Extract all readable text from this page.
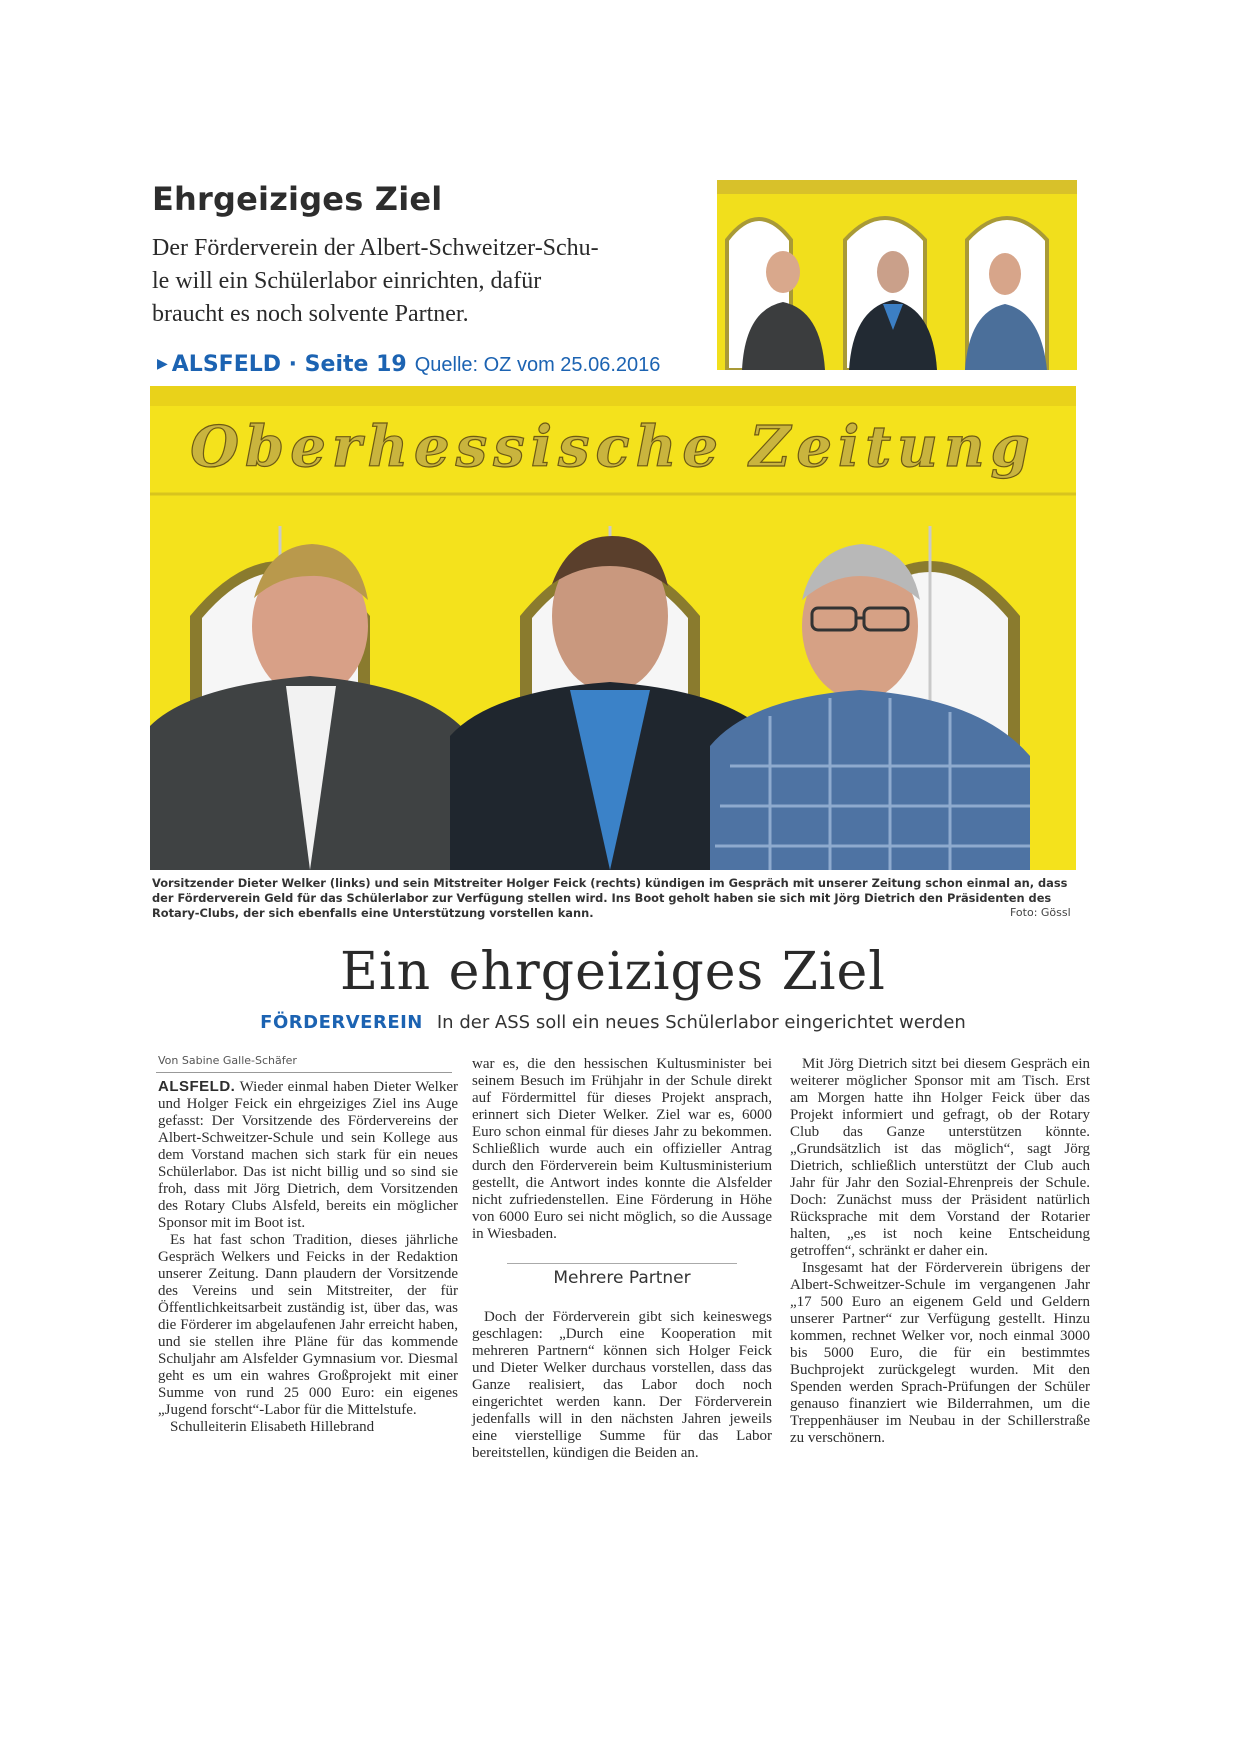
Ehrgeiziges Ziel

Der Förderverein der Albert-Schweitzer-Schu-
le will ein Schülerlabor einrichten, dafür
braucht es noch solvente Partner.

▶ ALSFELD · Seite 19 Quelle: OZ vom 25.06.2016
Oberhessische Zeitung
Vorsitzender Dieter Welker (links) und sein Mitstreiter Holger Feick (rechts) kündigen im Gespräch mit unserer Zeitung schon einmal an, dass der Förderverein Geld für das Schülerlabor zur Verfügung stellen wird. Ins Boot geholt haben sie sich mit Jörg Dietrich den Präsidenten des Rotary-Clubs, der sich ebenfalls eine Unterstützung vorstellen kann.	Foto: Gössl
Ein ehrgeiziges Ziel
FÖRDERVEREIN In der ASS soll ein neues Schülerlabor eingerichtet werden
Von Sabine Galle-Schäfer

ALSFELD. Wieder einmal haben Dieter Welker und Holger Feick ein ehrgeiziges Ziel ins Auge gefasst: Der Vorsitzende des Fördervereins der Albert-Schweitzer-Schule und sein Kollege aus dem Vorstand machen sich stark für ein neues Schülerlabor. Das ist nicht billig und so sind sie froh, dass mit Jörg Dietrich, dem Vorsitzenden des Rotary Clubs Alsfeld, bereits ein möglicher Sponsor mit im Boot ist.

Es hat fast schon Tradition, dieses jährliche Gespräch Welkers und Feicks in der Redaktion unserer Zeitung. Dann plaudern der Vorsitzende des Vereins und sein Mitstreiter, der für Öffentlichkeitsarbeit zuständig ist, über das, was die Förderer im abgelaufenen Jahr erreicht haben, und sie stellen ihre Pläne für das kommende Schuljahr am Alsfelder Gymnasium vor. Diesmal geht es um ein wahres Großprojekt mit einer Summe von rund 25 000 Euro: ein eigenes „Jugend forscht“-Labor für die Mittelstufe.

Schulleiterin Elisabeth Hillebrand

war es, die den hessischen Kultusminister bei seinem Besuch im Frühjahr in der Schule direkt auf Fördermittel für dieses Projekt ansprach, erinnert sich Dieter Welker. Ziel war es, 6000 Euro schon einmal für dieses Jahr zu bekommen. Schließlich wurde auch ein offizieller Antrag durch den Förderverein beim Kultusministerium gestellt, die Antwort indes konnte die Alsfelder nicht zufriedenstellen. Eine Förderung in Höhe von 6000 Euro sei nicht möglich, so die Aussage in Wiesbaden.

Mehrere Partner

Doch der Förderverein gibt sich keineswegs geschlagen: „Durch eine Kooperation mit mehreren Partnern“ können sich Holger Feick und Dieter Welker durchaus vorstellen, dass das Ganze realisiert, das Labor doch noch eingerichtet werden kann. Der Förderverein jedenfalls will in den nächsten Jahren jeweils eine vierstellige Summe für das Labor bereitstellen, kündigen die Beiden an.

Mit Jörg Dietrich sitzt bei diesem Gespräch ein weiterer möglicher Sponsor mit am Tisch. Erst am Morgen hatte ihn Holger Feick über das Projekt informiert und gefragt, ob der Rotary Club das Ganze unterstützen könnte. „Grundsätzlich ist das möglich“, sagt Jörg Dietrich, schließlich unterstützt der Club auch Jahr für Jahr den Sozial-Ehrenpreis der Schule. Doch: Zunächst muss der Präsident natürlich Rücksprache mit dem Vorstand der Rotarier halten, „es ist noch keine Entscheidung getroffen“, schränkt er daher ein.

Insgesamt hat der Förderverein übrigens der Albert-Schweitzer-Schule im vergangenen Jahr „17 500 Euro an eigenem Geld und Geldern unserer Partner“ zur Verfügung gestellt. Hinzu kommen, rechnet Welker vor, noch einmal 3000 bis 5000 Euro, die für ein bestimmtes Buchprojekt zurückgelegt wurden. Mit den Spenden werden Sprach-Prüfungen der Schüler genauso finanziert wie Bilderrahmen, um die Treppenhäuser im Neubau in der Schillerstraße zu verschönern.
